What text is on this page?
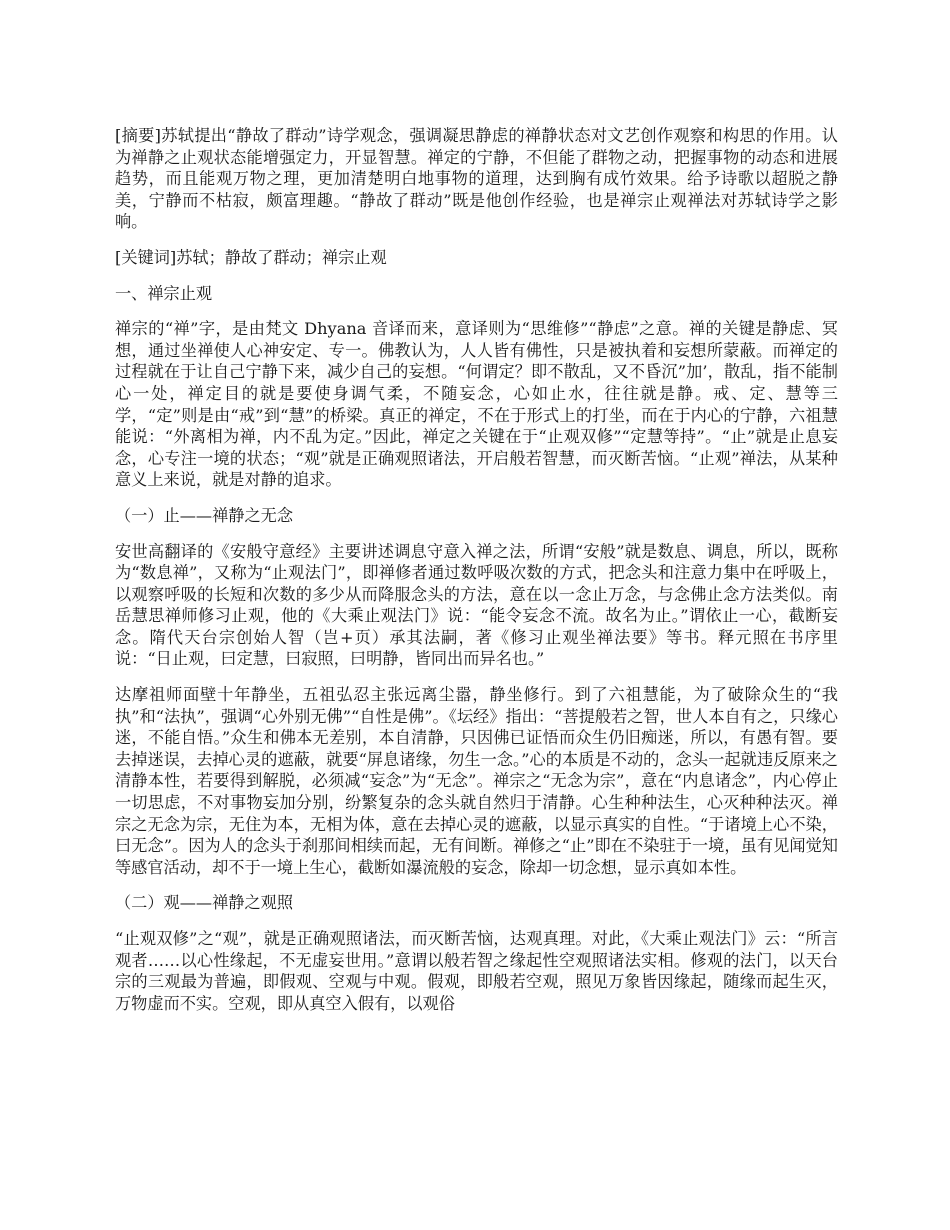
[摘要]苏轼提出“静故了群动”诗学观念，强调凝思静虑的禅静状态对文艺创作观察和构思的作用。认为禅静之止观状态能增强定力，开显智慧。禅定的宁静，不但能了群物之动，把握事物的动态和进展趋势，而且能观万物之理，更加清楚明白地事物的道理，达到胸有成竹效果。给予诗歌以超脱之静美，宁静而不枯寂，颇富理趣。“静故了群动”既是他创作经验，也是禅宗止观禅法对苏轼诗学之影响。

[关键词]苏轼；静故了群动；禅宗止观

一、禅宗止观

禅宗的“禅”字，是由梵文 Dhyana 音译而来，意译则为“思维修”“静虑”之意。禅的关键是静虑、冥想，通过坐禅使人心神安定、专一。佛教认为，人人皆有佛性，只是被执着和妄想所蒙蔽。而禅定的过程就在于让自己宁静下来，减少自己的妄想。“何谓定？即不散乱，又不昏沉”加’，散乱，指不能制心一处，禅定目的就是要使身调气柔，不随妄念，心如止水，往往就是静。戒、定、慧等三学，“定”则是由“戒”到“慧”的桥梁。真正的禅定，不在于形式上的打坐，而在于内心的宁静，六祖慧能说：“外离相为禅，内不乱为定。”因此，禅定之关键在于“止观双修”“定慧等持”。“止”就是止息妄念，心专注一境的状态；“观”就是正确观照诸法，开启般若智慧，而灭断苦恼。“止观”禅法，从某种意义上来说，就是对静的追求。

（一）止——禅静之无念

安世高翻译的《安般守意经》主要讲述调息守意入禅之法，所谓“安般”就是数息、调息，所以，既称为“数息禅”，又称为“止观法门”，即禅修者通过数呼吸次数的方式，把念头和注意力集中在呼吸上，以观察呼吸的长短和次数的多少从而降服念头的方法，意在以一念止万念，与念佛止念方法类似。南岳慧思禅师修习止观，他的《大乘止观法门》说：“能令妄念不流。故名为止。”谓依止一心，截断妄念。隋代天台宗创始人智（岂+页）承其法嗣，著《修习止观坐禅法要》等书。释元照在书序里说：“日止观，曰定慧，曰寂照，曰明静，皆同出而异名也。”

达摩祖师面壁十年静坐，五祖弘忍主张远离尘嚣，静坐修行。到了六祖慧能，为了破除众生的“我执”和“法执”，强调“心外别无佛”“自性是佛”。《坛经》指出：“菩提般若之智，世人本自有之，只缘心迷，不能自悟。”众生和佛本无差别，本自清静，只因佛已证悟而众生仍旧痴迷，所以，有愚有智。要去掉迷误，去掉心灵的遮蔽，就要“屏息诸缘，勿生一念。”心的本质是不动的，念头一起就违反原来之清静本性，若要得到解脱，必须减“妄念”为“无念”。禅宗之“无念为宗”，意在“内息诸念”，内心停止一切思虑，不对事物妄加分别，纷繁复杂的念头就自然归于清静。心生种种法生，心灭种种法灭。禅宗之无念为宗，无住为本，无相为体，意在去掉心灵的遮蔽，以显示真实的自性。“于诸境上心不染，曰无念”。因为人的念头于刹那间相续而起，无有间断。禅修之“止”即在不染驻于一境，虽有见闻觉知等感官活动，却不于一境上生心，截断如瀑流般的妄念，除却一切念想，显示真如本性。

（二）观——禅静之观照

“止观双修”之“观”，就是正确观照诸法，而灭断苦恼，达观真理。对此，《大乘止观法门》云：“所言观者……以心性缘起，不无虚妄世用。”意谓以般若智之缘起性空观照诸法实相。修观的法门，以天台宗的三观最为普遍，即假观、空观与中观。假观，即般若空观，照见万象皆因缘起，随缘而起生灭，万物虚而不实。空观，即从真空入假有，以观俗
